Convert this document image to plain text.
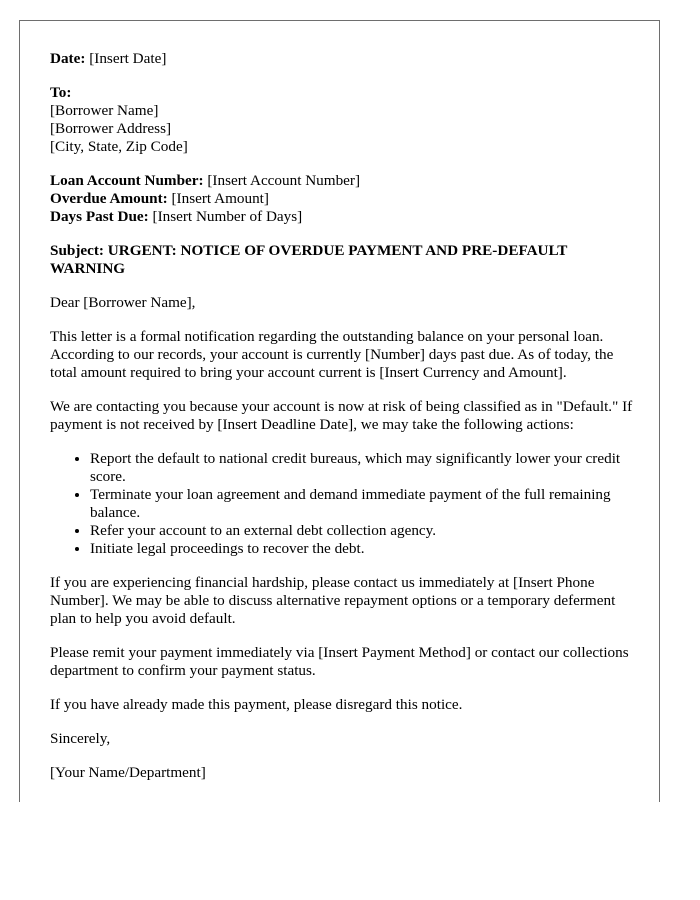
Date: [Insert Date]

To:
[Borrower Name]
[Borrower Address]
[City, State, Zip Code]

Loan Account Number: [Insert Account Number]
Overdue Amount: [Insert Amount]
Days Past Due: [Insert Number of Days]

Subject: URGENT: NOTICE OF OVERDUE PAYMENT AND PRE-DEFAULT WARNING

Dear [Borrower Name],

This letter is a formal notification regarding the outstanding balance on your personal loan. According to our records, your account is currently [Number] days past due. As of today, the total amount required to bring your account current is [Insert Currency and Amount].

We are contacting you because your account is now at risk of being classified as in "Default." If payment is not received by [Insert Deadline Date], we may take the following actions:

• Report the default to national credit bureaus, which may significantly lower your credit score.
• Terminate your loan agreement and demand immediate payment of the full remaining balance.
• Refer your account to an external debt collection agency.
• Initiate legal proceedings to recover the debt.

If you are experiencing financial hardship, please contact us immediately at [Insert Phone Number]. We may be able to discuss alternative repayment options or a temporary deferment plan to help you avoid default.

Please remit your payment immediately via [Insert Payment Method] or contact our collections department to confirm your payment status.

If you have already made this payment, please disregard this notice.

Sincerely,

[Your Name/Department]
